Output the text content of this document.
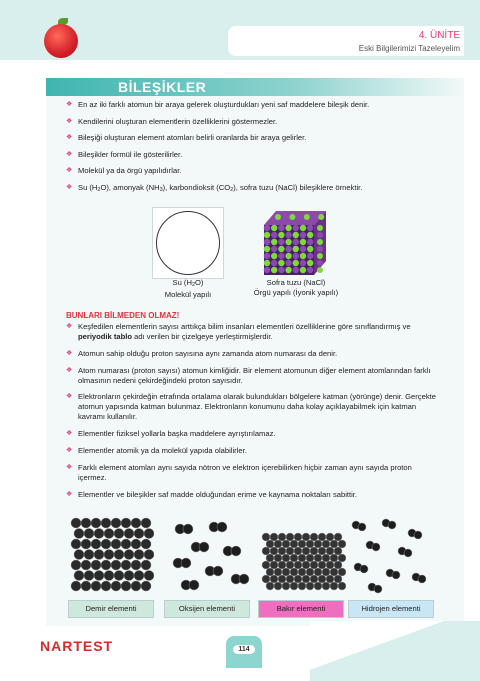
4. ÜNİTE
Eski Bilgilerimizi Tazeleyelim
BİLEŞİKLER
❖ En az iki farklı atomun bir araya gelerek oluşturdukları yeni saf maddelere bileşik denir.
❖ Kendilerini oluşturan elementlerin özelliklerini göstermezler.
❖ Bileşiği oluşturan element atomları belirli oranlarda bir araya gelirler.
❖ Bileşikler formül ile gösterilirler.
❖ Molekül ya da örgü yapılıdırlar.
❖ Su (H2O), amonyak (NH3), karbondioksit (CO2), sofra tuzu (NaCl) bileşiklere örnektir.
Su (H2O)
Molekül yapılı
Sofra tuzu (NaCl)
Örgü yapılı (İyonik yapılı)
BUNLARI BİLMEDEN OLMAZ!
❖ Keşfedilen elementlerin sayısı arttıkça bilim insanları elementleri özelliklerine göre sınıflandırmış ve periyodik tablo adı verilen bir çizelgeye yerleştirmişlerdir.
❖ Atomun sahip olduğu proton sayısına aynı zamanda atom numarası da denir.
❖ Atom numarası (proton sayısı) atomun kimliğidir. Bir element atomunun diğer element atomlarından farklı olmasının nedeni çekirdeğindeki proton sayısıdır.
❖ Elektronların çekirdeğin etrafında ortalama olarak bulundukları bölgelere katman (yörünge) denir. Gerçekte atomun yapısında katman bulunmaz. Elektronların konumunu daha kolay açıklayabilmek için katman kavramı kullanılır.
❖ Elementler fiziksel yollarla başka maddelere ayrıştırılamaz.
❖ Elementler atomik ya da molekül yapıda olabilirler.
❖ Farklı element atomları aynı sayıda nötron ve elektron içerebilirken hiçbir zaman aynı sayıda proton içermez.
❖ Elementler ve bileşikler saf madde olduğundan erime ve kaynama noktaları sabittir.
Demir elementi	Oksijen elementi	Bakır elementi	Hidrojen elementi
NARTEST	114
